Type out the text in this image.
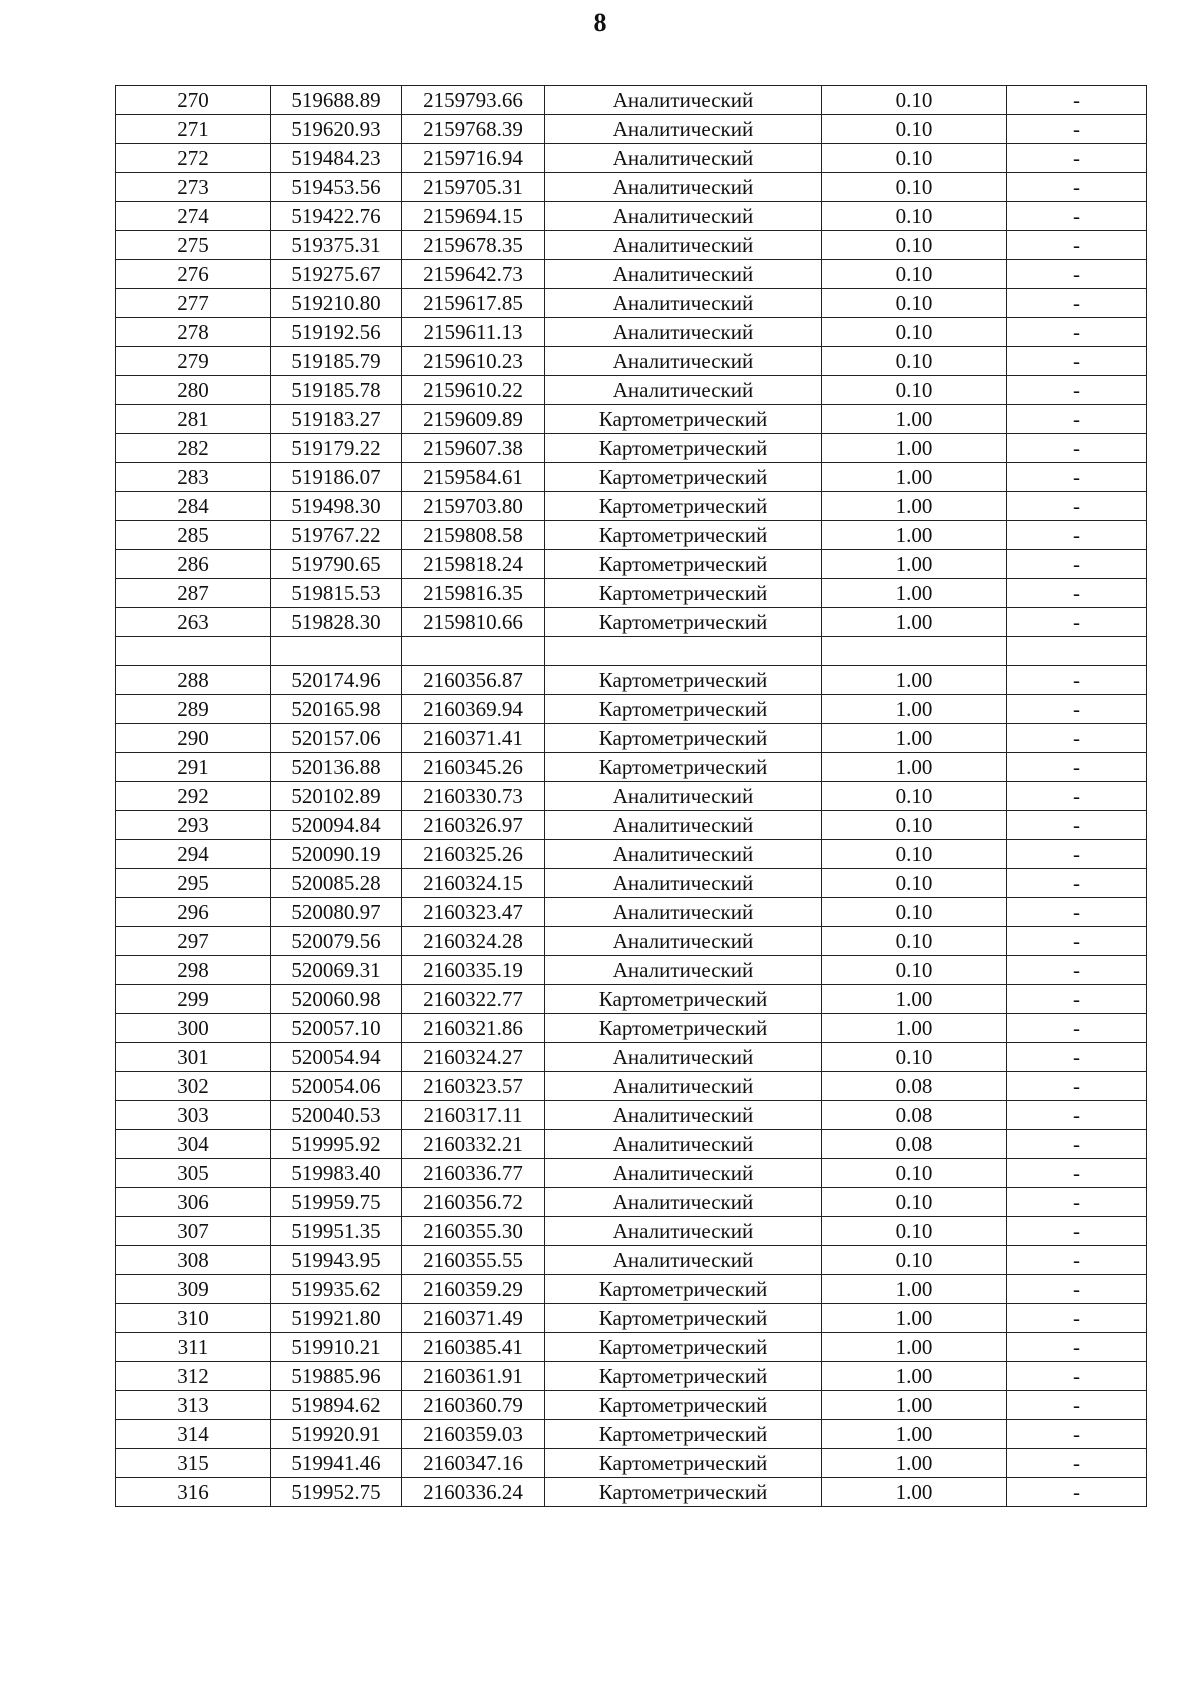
8
270	519688.89	2159793.66	Аналитический	0.10	-
271	519620.93	2159768.39	Аналитический	0.10	-
272	519484.23	2159716.94	Аналитический	0.10	-
273	519453.56	2159705.31	Аналитический	0.10	-
274	519422.76	2159694.15	Аналитический	0.10	-
275	519375.31	2159678.35	Аналитический	0.10	-
276	519275.67	2159642.73	Аналитический	0.10	-
277	519210.80	2159617.85	Аналитический	0.10	-
278	519192.56	2159611.13	Аналитический	0.10	-
279	519185.79	2159610.23	Аналитический	0.10	-
280	519185.78	2159610.22	Аналитический	0.10	-
281	519183.27	2159609.89	Картометрический	1.00	-
282	519179.22	2159607.38	Картометрический	1.00	-
283	519186.07	2159584.61	Картометрический	1.00	-
284	519498.30	2159703.80	Картометрический	1.00	-
285	519767.22	2159808.58	Картометрический	1.00	-
286	519790.65	2159818.24	Картометрический	1.00	-
287	519815.53	2159816.35	Картометрический	1.00	-
263	519828.30	2159810.66	Картометрический	1.00	-

288	520174.96	2160356.87	Картометрический	1.00	-
289	520165.98	2160369.94	Картометрический	1.00	-
290	520157.06	2160371.41	Картометрический	1.00	-
291	520136.88	2160345.26	Картометрический	1.00	-
292	520102.89	2160330.73	Аналитический	0.10	-
293	520094.84	2160326.97	Аналитический	0.10	-
294	520090.19	2160325.26	Аналитический	0.10	-
295	520085.28	2160324.15	Аналитический	0.10	-
296	520080.97	2160323.47	Аналитический	0.10	-
297	520079.56	2160324.28	Аналитический	0.10	-
298	520069.31	2160335.19	Аналитический	0.10	-
299	520060.98	2160322.77	Картометрический	1.00	-
300	520057.10	2160321.86	Картометрический	1.00	-
301	520054.94	2160324.27	Аналитический	0.10	-
302	520054.06	2160323.57	Аналитический	0.08	-
303	520040.53	2160317.11	Аналитический	0.08	-
304	519995.92	2160332.21	Аналитический	0.08	-
305	519983.40	2160336.77	Аналитический	0.10	-
306	519959.75	2160356.72	Аналитический	0.10	-
307	519951.35	2160355.30	Аналитический	0.10	-
308	519943.95	2160355.55	Аналитический	0.10	-
309	519935.62	2160359.29	Картометрический	1.00	-
310	519921.80	2160371.49	Картометрический	1.00	-
311	519910.21	2160385.41	Картометрический	1.00	-
312	519885.96	2160361.91	Картометрический	1.00	-
313	519894.62	2160360.79	Картометрический	1.00	-
314	519920.91	2160359.03	Картометрический	1.00	-
315	519941.46	2160347.16	Картометрический	1.00	-
316	519952.75	2160336.24	Картометрический	1.00	-
